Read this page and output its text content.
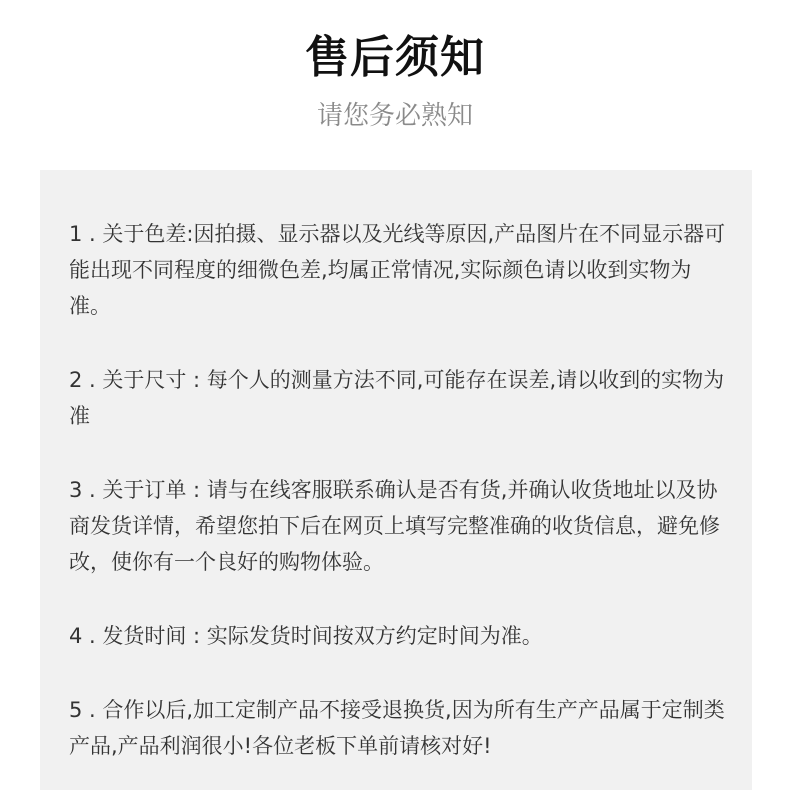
售后须知
请您务必熟知
1 . 关于色差:因拍摄、显示器以及光线等原因,产品图片在不同显示器可能出现不同程度的细微色差,均属正常情况,实际颜色请以收到实物为准。
2 . 关于尺寸 : 每个人的测量方法不同,可能存在误差,请以收到的实物为准
3 . 关于订单 : 请与在线客服联系确认是否有货,并确认收货地址以及协商发货详情，希望您拍下后在网页上填写完整准确的收货信息，避免修改，使你有一个良好的购物体验。
4 . 发货时间 : 实际发货时间按双方约定时间为准。
5 . 合作以后,加工定制产品不接受退换货,因为所有生产产品属于定制类产品,产品利润很小!各位老板下单前请核对好!
